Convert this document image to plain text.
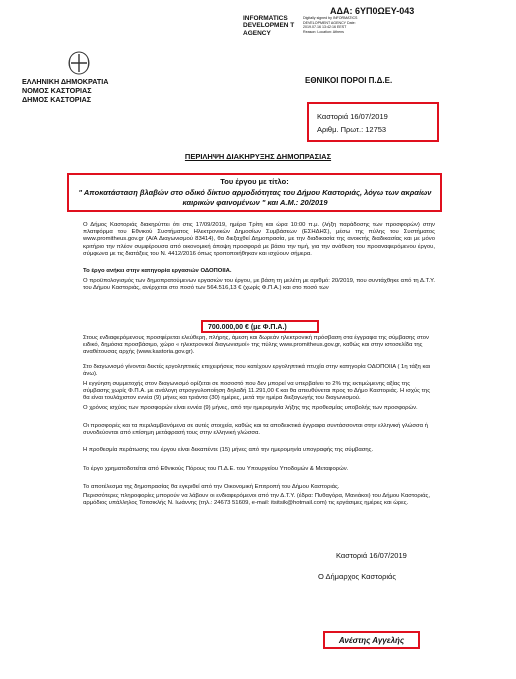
ΑΔΑ: 6ΥΠ0ΩΕΥ-043
INFORMATICS DEVELOPMEN T AGENCY
Digitally signed by INFORMATICS DEVELOPMENT AGENCY Date: 2019.07.16 13:42:16 EEST Reason: Location: Athens
ΕΛΛΗΝΙΚΗ ΔΗΜΟΚΡΑΤΙΑ
ΝΟΜΟΣ ΚΑΣΤΟΡΙΑΣ
ΔΗΜΟΣ ΚΑΣΤΟΡΙΑΣ
ΕΘΝΙΚΟΙ ΠΟΡΟΙ Π.Δ.Ε.
Καστοριά 16/07/2019
Αριθμ. Πρωτ.: 12753
ΠΕΡΙΛΗΨΗ ΔΙΑΚΗΡΥΞΗΣ ΔΗΜΟΠΡΑΣΙΑΣ
Του έργου με τίτλο:
" Αποκατάσταση βλαβών στο οδικό δίκτυο αρμοδιότητας του Δήμου Καστοριάς, λόγω των ακραίων καιρικών φαινομένων " και Α.Μ.: 20/2019
Ο Δήμος Καστοριάς διακηρύττει ότι στις 17/09/2019, ημέρα Τρίτη και ώρα 10:00 π.μ. (λήξη παράδοσης των προσφορών) στην πλατφόρμα του Εθνικού Συστήματος Ηλεκτρονικών Δημοσίων Συμβάσεων (ΕΣΗΔΗΣ), μέσω της πύλης του Συστήματος www.promitheus.gov.gr (Α/Α Διαγωνισμού 83414), θα διεξαχθεί Δημοπρασία, με την διαδικασία της ανοικτής διαδικασίας και με μόνο κριτήριο την πλέον συμφέρουσα από οικονομική άποψη προσφορά με βάσει την τιμή, για την ανάθεση του προαναφερόμενου έργου, σύμφωνα με τις διατάξεις του Ν. 4412/2016 όπως τροποποιήθηκαν και ισχύουν σήμερα.
Το έργο ανήκει στην κατηγορία εργασιών ΟΔΟΠΟΙΙΑ.
Ο προϋπολογισμός των δημοπρατούμενων εργασιών του έργου, με βάση τη μελέτη με αριθμό: 20/2019, που συντάχθηκε από τη Δ.Τ.Υ. του Δήμου Καστοριάς, ανέρχεται στο ποσό των 564.516,13 € (χωρίς Φ.Π.Α.) και στο ποσό των
700.000,00 € (με Φ.Π.Α.)
Στους ενδιαφερόμενους προσφέρεται ελεύθερη, πλήρης, άμεση και δωρεάν ηλεκτρονική πρόσβαση στα έγγραφα της σύμβασης στον ειδικό, δημόσια προσβάσιμο, χώρο « ηλεκτρονικοί διαγωνισμοί» της πύλης www.promitheus.gov.gr, καθώς και στην ιστοσελίδα της αναθέτουσας αρχής (www.kastoria.gov.gr).
Στο διαγωνισμό γίνονται δεκτές εργοληπτικές επιχειρήσεις που κατέχουν εργοληπτικά πτυχία στην κατηγορία ΟΔΟΠΟΙΙΑ ( 1η τάξη και άνω).
Η εγγύηση συμμετοχής στον διαγωνισμό ορίζεται σε ποσοστό που δεν μπορεί να υπερβαίνει το 2% της εκτιμώμενης αξίας της σύμβασης χωρίς Φ.Π.Α. με ανάλογη στρογγυλοποίηση δηλαδή 11.291,00 € και θα απευθύνεται προς το Δήμο Καστοριάς. Η ισχύς της θα είναι τουλάχιστον εννέα (9) μήνες και τριάντα (30) ημέρες, μετά την ημέρα διεξαγωγής του διαγωνισμού.
Ο χρόνος ισχύος των προσφορών είναι εννέα (9) μήνες, από την ημερομηνία λήξης της προθεσμίας υποβολής των προσφορών.
Οι προσφορές και τα περιλαμβανόμενα σε αυτές στοιχεία, καθώς και τα αποδεικτικά έγγραφα συντάσσονται στην ελληνική γλώσσα ή συνοδεύονται από επίσημη μετάφρασή τους στην ελληνική γλώσσα.
Η προθεσμία περάτωσης του έργου είναι δεκαπέντε (15) μήνες από την ημερομηνία υπογραφής της σύμβασης.
Το έργο χρηματοδοτείται από Εθνικούς Πόρους του Π.Δ.Ε. του Υπουργείου Υποδομών & Μεταφορών.
Το αποτέλεσμα της δημοπρασίας θα εγκριθεί από την Οικονομική Επιτροπή του Δήμου Καστοριάς.
Περισσότερες πληροφορίες μπορούν να λάβουν οι ενδιαφερόμενοι από την Δ.Τ.Υ. (έδρα: Πυθαγόρα, Μανιάκοι) του Δήμου Καστοριάς, αρμόδιος υπάλληλος Τσιτσικλής Ν. Ιωάννης (τηλ.: 24673 51609, e-mail: itsitsik@hotmail.com) τις εργάσιμες ημέρες και ώρες.
Καστοριά 16/07/2019
Ο Δήμαρχος Καστοριάς
Ανέστης Αγγελής
